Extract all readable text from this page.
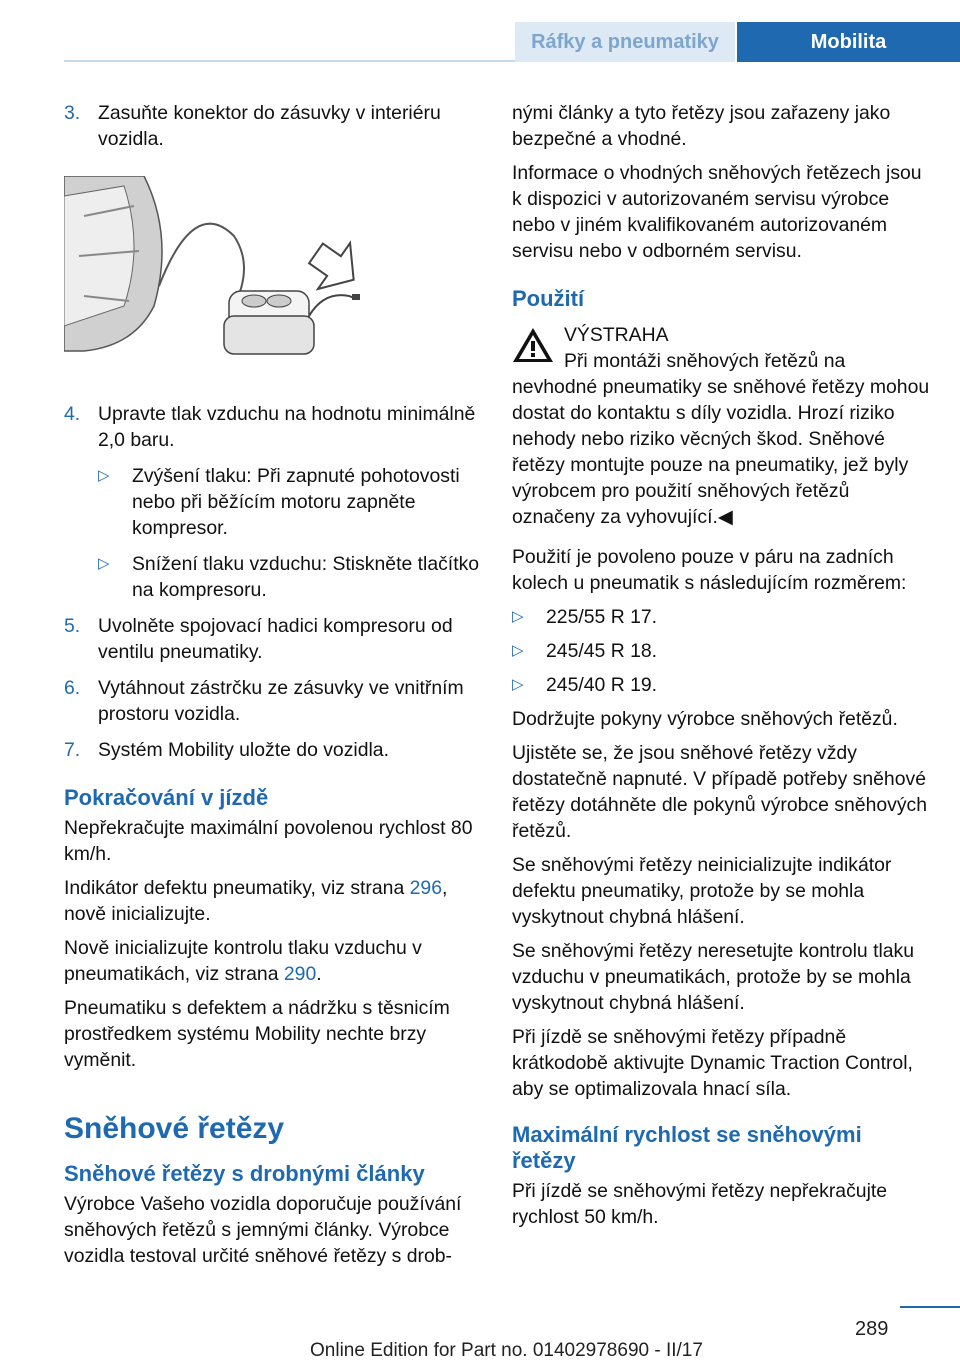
Ráfky a pneumatiky	Mobilita
3. Zasuňte konektor do zásuvky v interiéru vozidla.
4. Upravte tlak vzduchu na hodnotu minimálně 2,0 baru.
▷	Zvýšení tlaku: Při zapnuté pohotovosti nebo při běžícím motoru zapněte kompresor.
▷	Snížení tlaku vzduchu: Stiskněte tlačítko na kompresoru.
5. Uvolněte spojovací hadici kompresoru od ventilu pneumatiky.
6. Vytáhnout zástrčku ze zásuvky ve vnitřním prostoru vozidla.
7. Systém Mobility uložte do vozidla.
Pokračování v jízdě

Nepřekračujte maximální povolenou rychlost 80 km/h.

Indikátor defektu pneumatiky, viz strana 296, nově inicializujte.

Nově inicializujte kontrolu tlaku vzduchu v pneumatikách, viz strana 290.

Pneumatiku s defektem a nádržku s těsnicím prostředkem systému Mobility nechte brzy vyměnit.

Sněhové řetězy
Sněhové řetězy s drobnými články

Výrobce Vašeho vozidla doporučuje používání sněhových řetězů s jemnými články. Výrobce vozidla testoval určité sněhové řetězy s drob-

nými články a tyto řetězy jsou zařazeny jako bezpečné a vhodné.

Informace o vhodných sněhových řetězech jsou k dispozici v autorizovaném servisu výrobce nebo v jiném kvalifikovaném autorizovaném servisu nebo v odborném servisu.

Použití
VÝSTRAHA

Při montáži sněhových řetězů na nevhodné pneumatiky se sněhové řetězy mohou dostat do kontaktu s díly vozidla. Hrozí riziko nehody nebo riziko věcných škod. Sněhové řetězy montujte pouze na pneumatiky, jež byly výrobcem pro použití sněhových řetězů označeny za vyhovující.◀

Použití je povoleno pouze v páru na zadních kolech u pneumatik s následujícím rozměrem:

▷	225/55 R 17.
▷	245/45 R 18.
▷	245/40 R 19.

Dodržujte pokyny výrobce sněhových řetězů.

Ujistěte se, že jsou sněhové řetězy vždy dostatečně napnuté. V případě potřeby sněhové řetězy dotáhněte dle pokynů výrobce sněhových řetězů.

Se sněhovými řetězy neinicializujte indikátor defektu pneumatiky, protože by se mohla vyskytnout chybná hlášení.

Se sněhovými řetězy neresetujte kontrolu tlaku vzduchu v pneumatikách, protože by se mohla vyskytnout chybná hlášení.

Při jízdě se sněhovými řetězy případně krátkodobě aktivujte Dynamic Traction Control, aby se optimalizovala hnací síla.

Maximální rychlost se sněhovými řetězy

Při jízdě se sněhovými řetězy nepřekračujte rychlost 50 km/h.

289
Online Edition for Part no. 01402978690 - II/17
